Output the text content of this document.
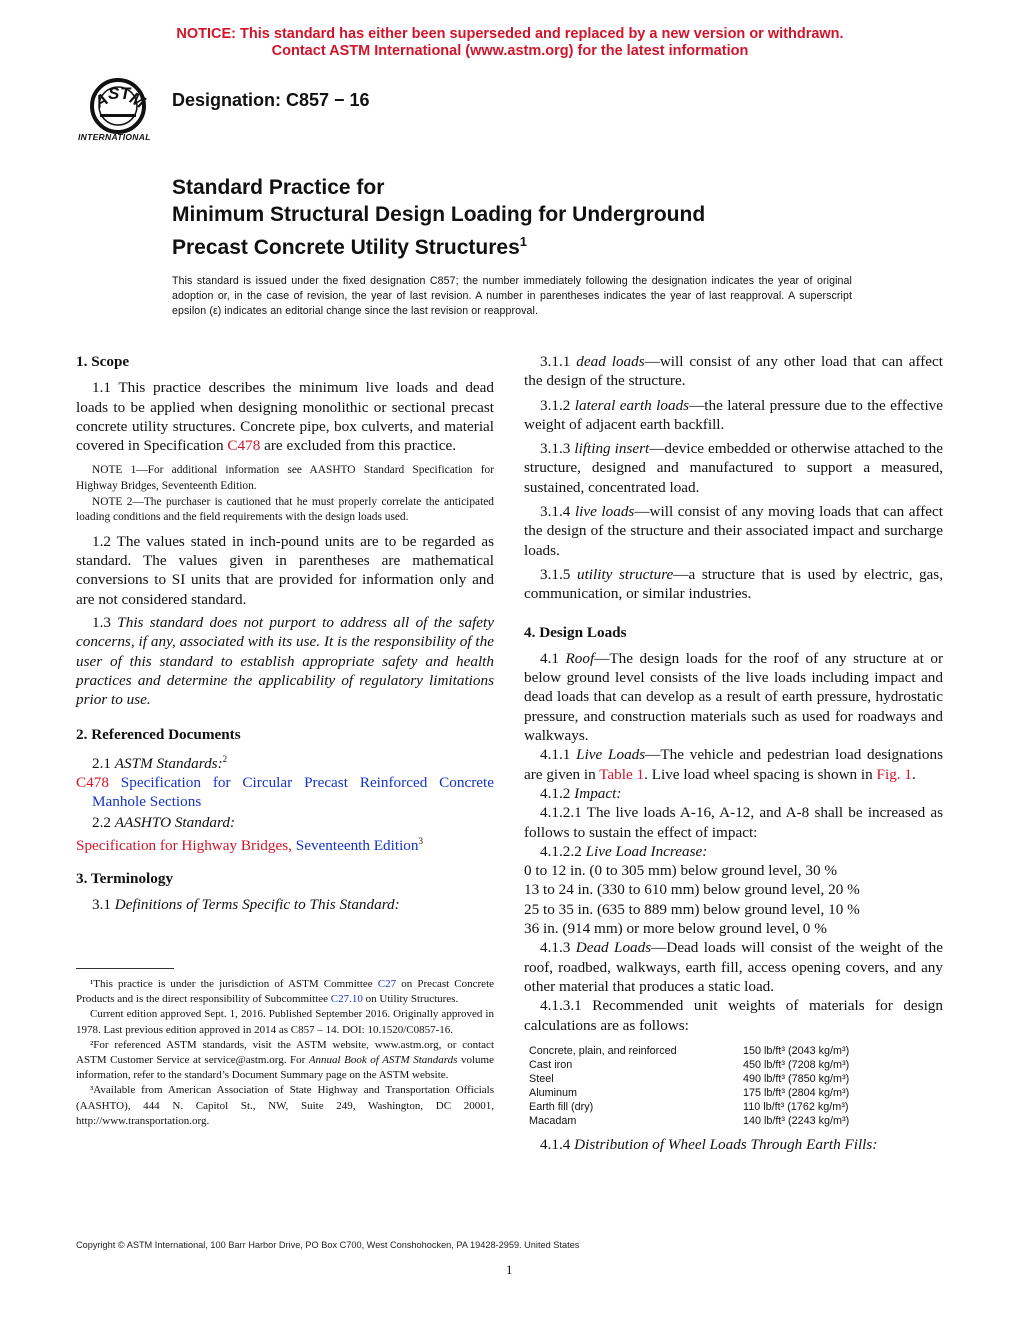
NOTICE: This standard has either been superseded and replaced by a new version or withdrawn.
Contact ASTM International (www.astm.org) for the latest information
A
S T
M
INTERNATIONAL
Designation: C857 − 16
Standard Practice for
Minimum Structural Design Loading for Underground
Precast Concrete Utility Structures$^1$
This standard is issued under the fixed designation C857; the number immediately following the designation indicates the year of original adoption or, in the case of revision, the year of last revision. A number in parentheses indicates the year of last reapproval. A superscript epsilon (ε) indicates an editorial change since the last revision or reapproval.

1. Scope

1.1 This practice describes the minimum live loads and dead loads to be applied when designing monolithic or sectional precast concrete utility structures. Concrete pipe, box culverts, and material covered in Specification C478 are excluded from this practice.

NOTE 1—For additional information see AASHTO Standard Specification for Highway Bridges, Seventeenth Edition.

NOTE 2—The purchaser is cautioned that he must properly correlate the anticipated loading conditions and the field requirements with the design loads used.

1.2 The values stated in inch-pound units are to be regarded as standard. The values given in parentheses are mathematical conversions to SI units that are provided for information only and are not considered standard.

1.3 This standard does not purport to address all of the safety concerns, if any, associated with its use. It is the responsibility of the user of this standard to establish appropriate safety and health practices and determine the applicability of regulatory limitations prior to use.

2. Referenced Documents

2.1 ASTM Standards:$^2$

C478 Specification for Circular Precast Reinforced Concrete Manhole Sections

2.2 AASHTO Standard:

Specification for Highway Bridges, Seventeenth Edition$^3$

3. Terminology

3.1 Definitions of Terms Specific to This Standard:

¹This practice is under the jurisdiction of ASTM Committee C27 on Precast Concrete Products and is the direct responsibility of Subcommittee C27.10 on Utility Structures.

Current edition approved Sept. 1, 2016. Published September 2016. Originally approved in 1978. Last previous edition approved in 2014 as C857 – 14. DOI: 10.1520/C0857-16.

²For referenced ASTM standards, visit the ASTM website, www.astm.org, or contact ASTM Customer Service at service@astm.org. For Annual Book of ASTM Standards volume information, refer to the standard’s Document Summary page on the ASTM website.

³Available from American Association of State Highway and Transportation Officials (AASHTO), 444 N. Capitol St., NW, Suite 249, Washington, DC 20001, http://www.transportation.org.

3.1.1 dead loads—will consist of any other load that can affect the design of the structure.

3.1.2 lateral earth loads—the lateral pressure due to the effective weight of adjacent earth backfill.

3.1.3 lifting insert—device embedded or otherwise attached to the structure, designed and manufactured to support a measured, sustained, concentrated load.

3.1.4 live loads—will consist of any moving loads that can affect the design of the structure and their associated impact and surcharge loads.

3.1.5 utility structure—a structure that is used by electric, gas, communication, or similar industries.

4. Design Loads

4.1 Roof—The design loads for the roof of any structure at or below ground level consists of the live loads including impact and dead loads that can develop as a result of earth pressure, hydrostatic pressure, and construction materials such as used for roadways and walkways.

4.1.1 Live Loads—The vehicle and pedestrian load designations are given in Table 1. Live load wheel spacing is shown in Fig. 1.

4.1.2 Impact:

4.1.2.1 The live loads A-16, A-12, and A-8 shall be increased as follows to sustain the effect of impact:

4.1.2.2 Live Load Increase:

0 to 12 in. (0 to 305 mm) below ground level, 30 %

13 to 24 in. (330 to 610 mm) below ground level, 20 %

25 to 35 in. (635 to 889 mm) below ground level, 10 %

36 in. (914 mm) or more below ground level, 0 %

4.1.3 Dead Loads—Dead loads will consist of the weight of the roof, roadbed, walkways, earth fill, access opening covers, and any other material that produces a static load.

4.1.3.1 Recommended unit weights of materials for design calculations are as follows:

Concrete, plain, and reinforced	150 lb/ft³ (2043 kg/m³)
Cast iron	450 lb/ft³ (7208 kg/m³)
Steel	490 lb/ft³ (7850 kg/m³)
Aluminum	175 lb/ft³ (2804 kg/m³)
Earth fill (dry)	110 lb/ft³ (1762 kg/m³)
Macadam	140 lb/ft³ (2243 kg/m³)

4.1.4 Distribution of Wheel Loads Through Earth Fills:

Copyright © ASTM International, 100 Barr Harbor Drive, PO Box C700, West Conshohocken, PA 19428-2959. United States
1
